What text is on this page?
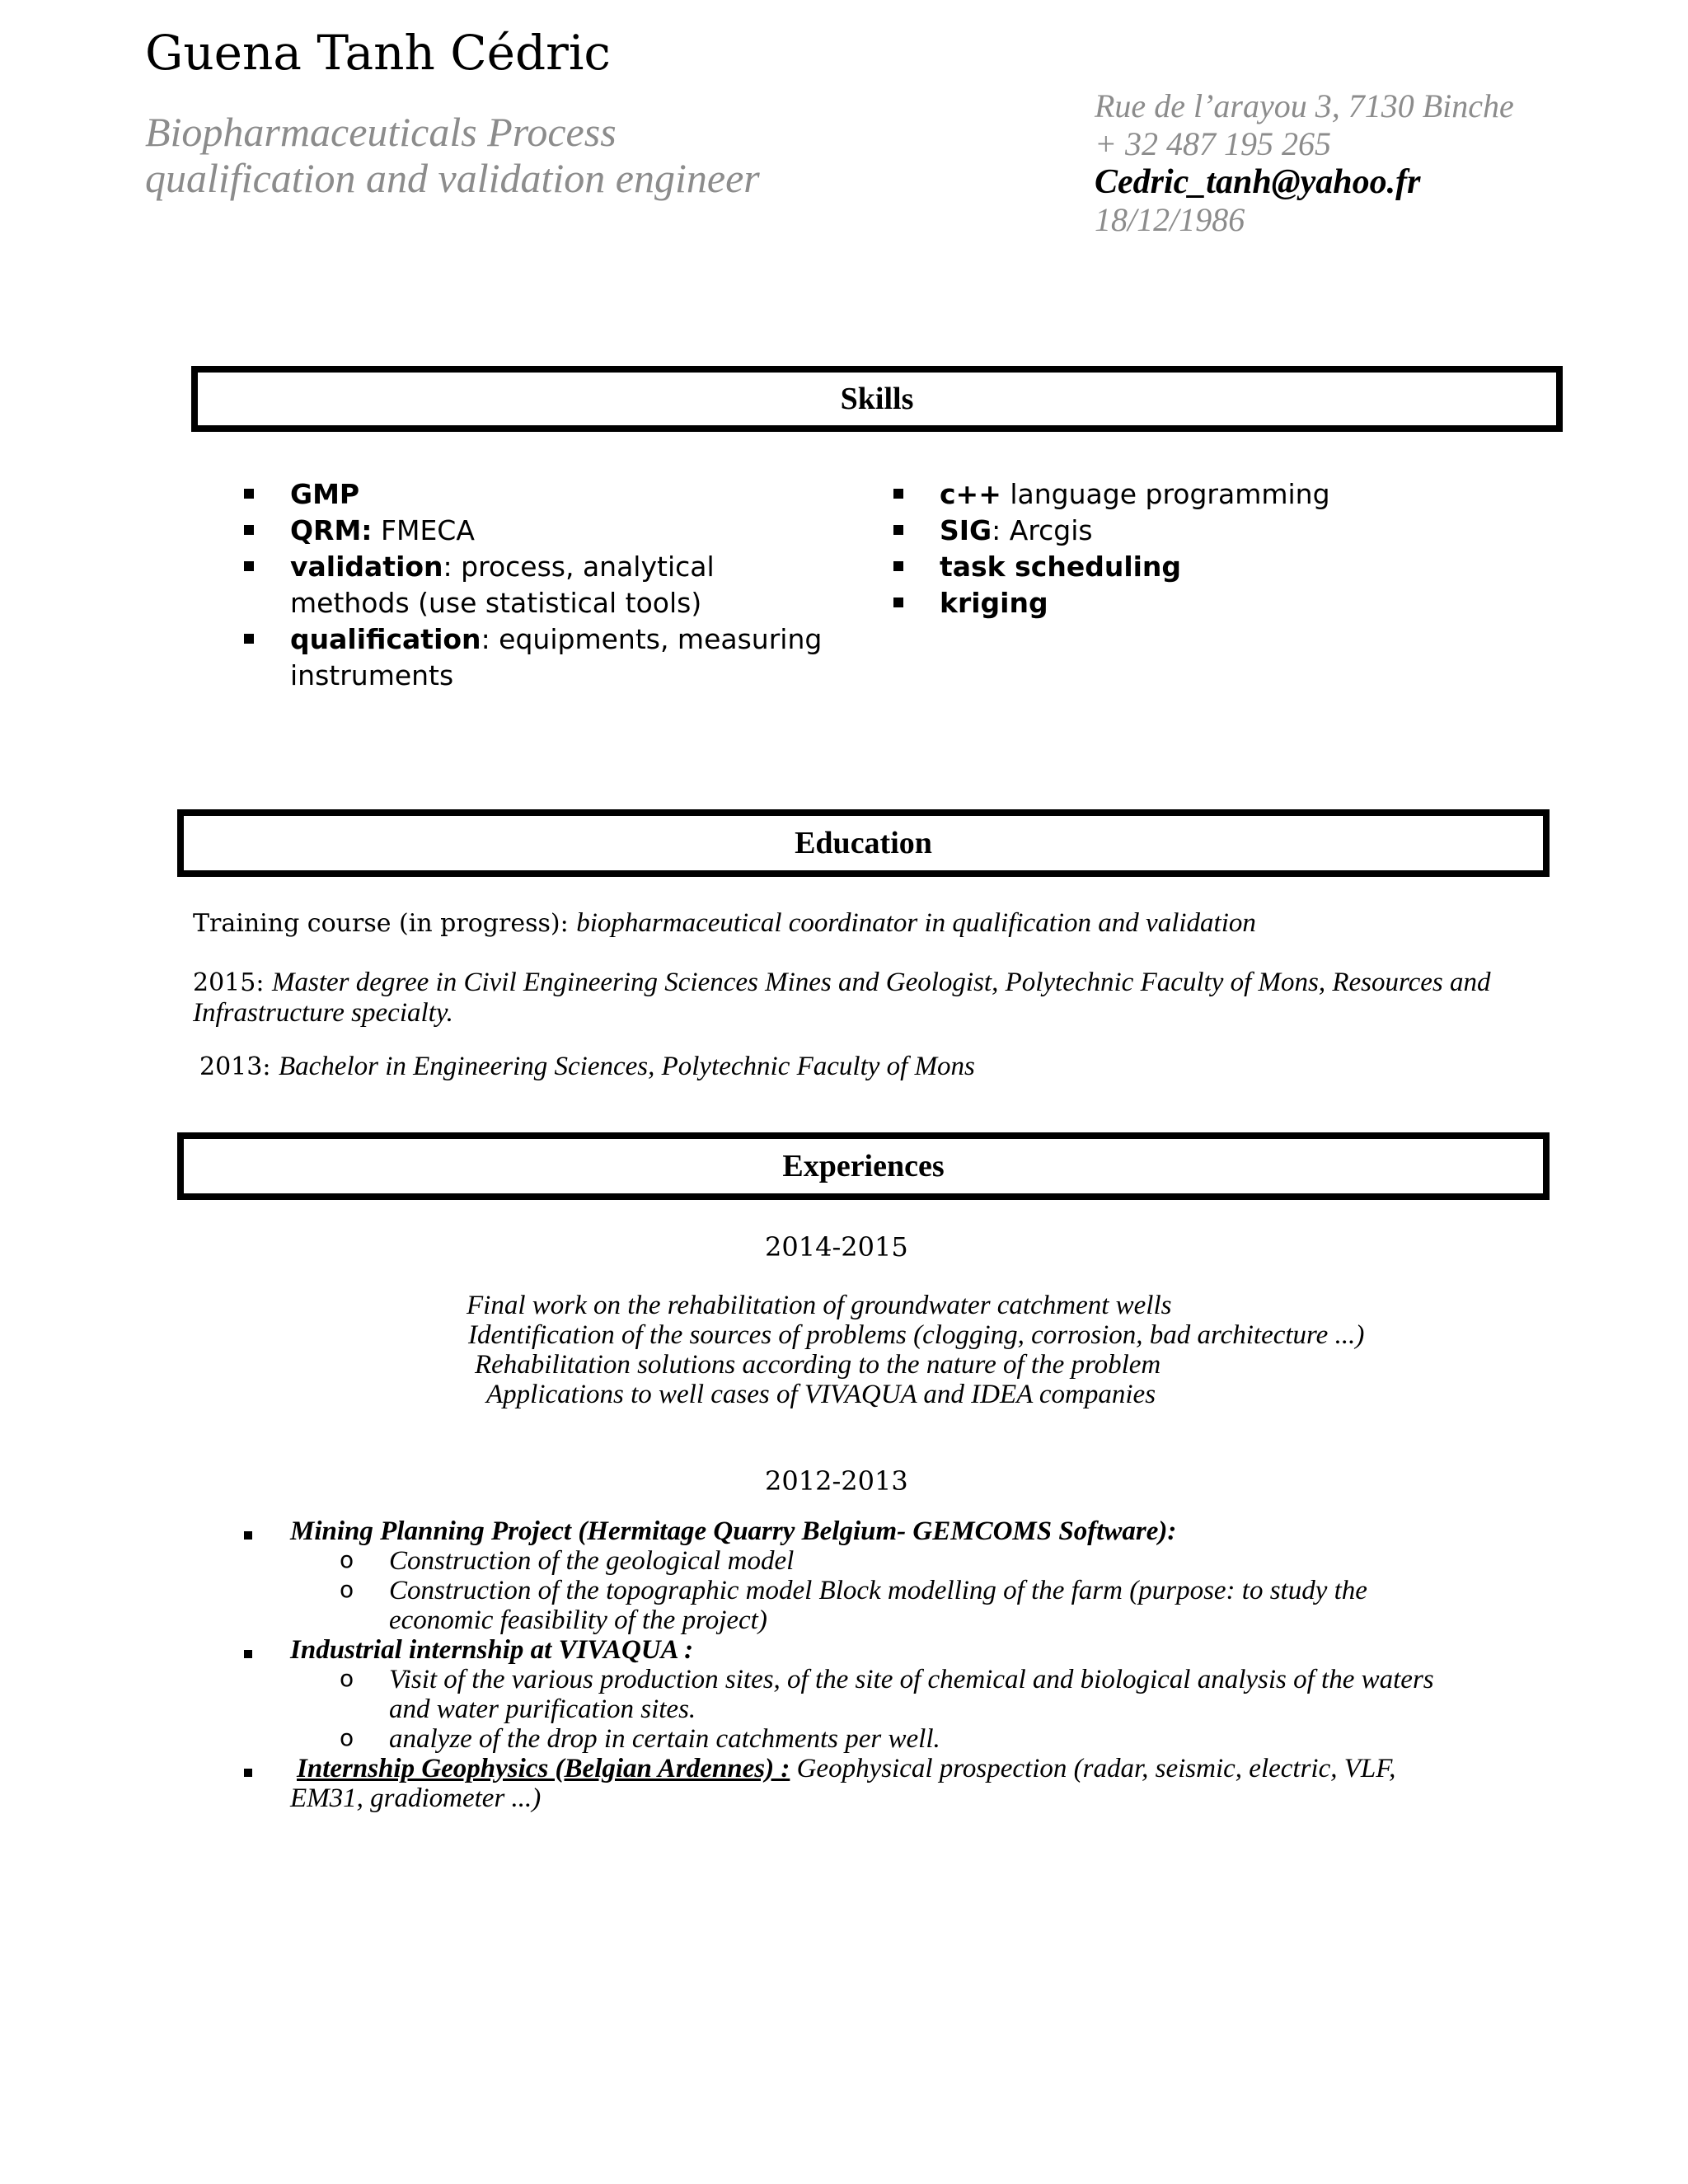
Guena Tanh Cédric
Biopharmaceuticals Process
qualification and validation engineer
Rue de l’arayou 3, 7130 Binche
+ 32 487 195 265
Cedric_tanh@yahoo.fr
18/12/1986
Skills
GMP
QRM: FMECA
validation: process, analytical methods (use statistical tools)
qualification: equipments, measuring instruments
c++ language programming
SIG: Arcgis
task scheduling
kriging
Education
Training course (in progress): biopharmaceutical coordinator in qualification and validation
2015: Master degree in Civil Engineering Sciences Mines and Geologist, Polytechnic Faculty of Mons, Resources and Infrastructure specialty.
2013: Bachelor in Engineering Sciences, Polytechnic Faculty of Mons
Experiences
2014-2015
Final work on the rehabilitation of groundwater catchment wells
Identification of the sources of problems (clogging, corrosion, bad architecture ...)
Rehabilitation solutions according to the nature of the problem
Applications to well cases of VIVAQUA and IDEA companies
2012-2013
Mining Planning Project (Hermitage Quarry Belgium- GEMCOMS Software):
o Construction of the geological model
o Construction of the topographic model Block modelling of the farm (purpose: to study the
economic feasibility of the project)
Industrial internship at VIVAQUA :
o Visit of the various production sites, of the site of chemical and biological analysis of the waters
and water purification sites.
o analyze of the drop in certain catchments per well.
Internship Geophysics (Belgian Ardennes) : Geophysical prospection (radar, seismic, electric, VLF,
EM31, gradiometer ...)
